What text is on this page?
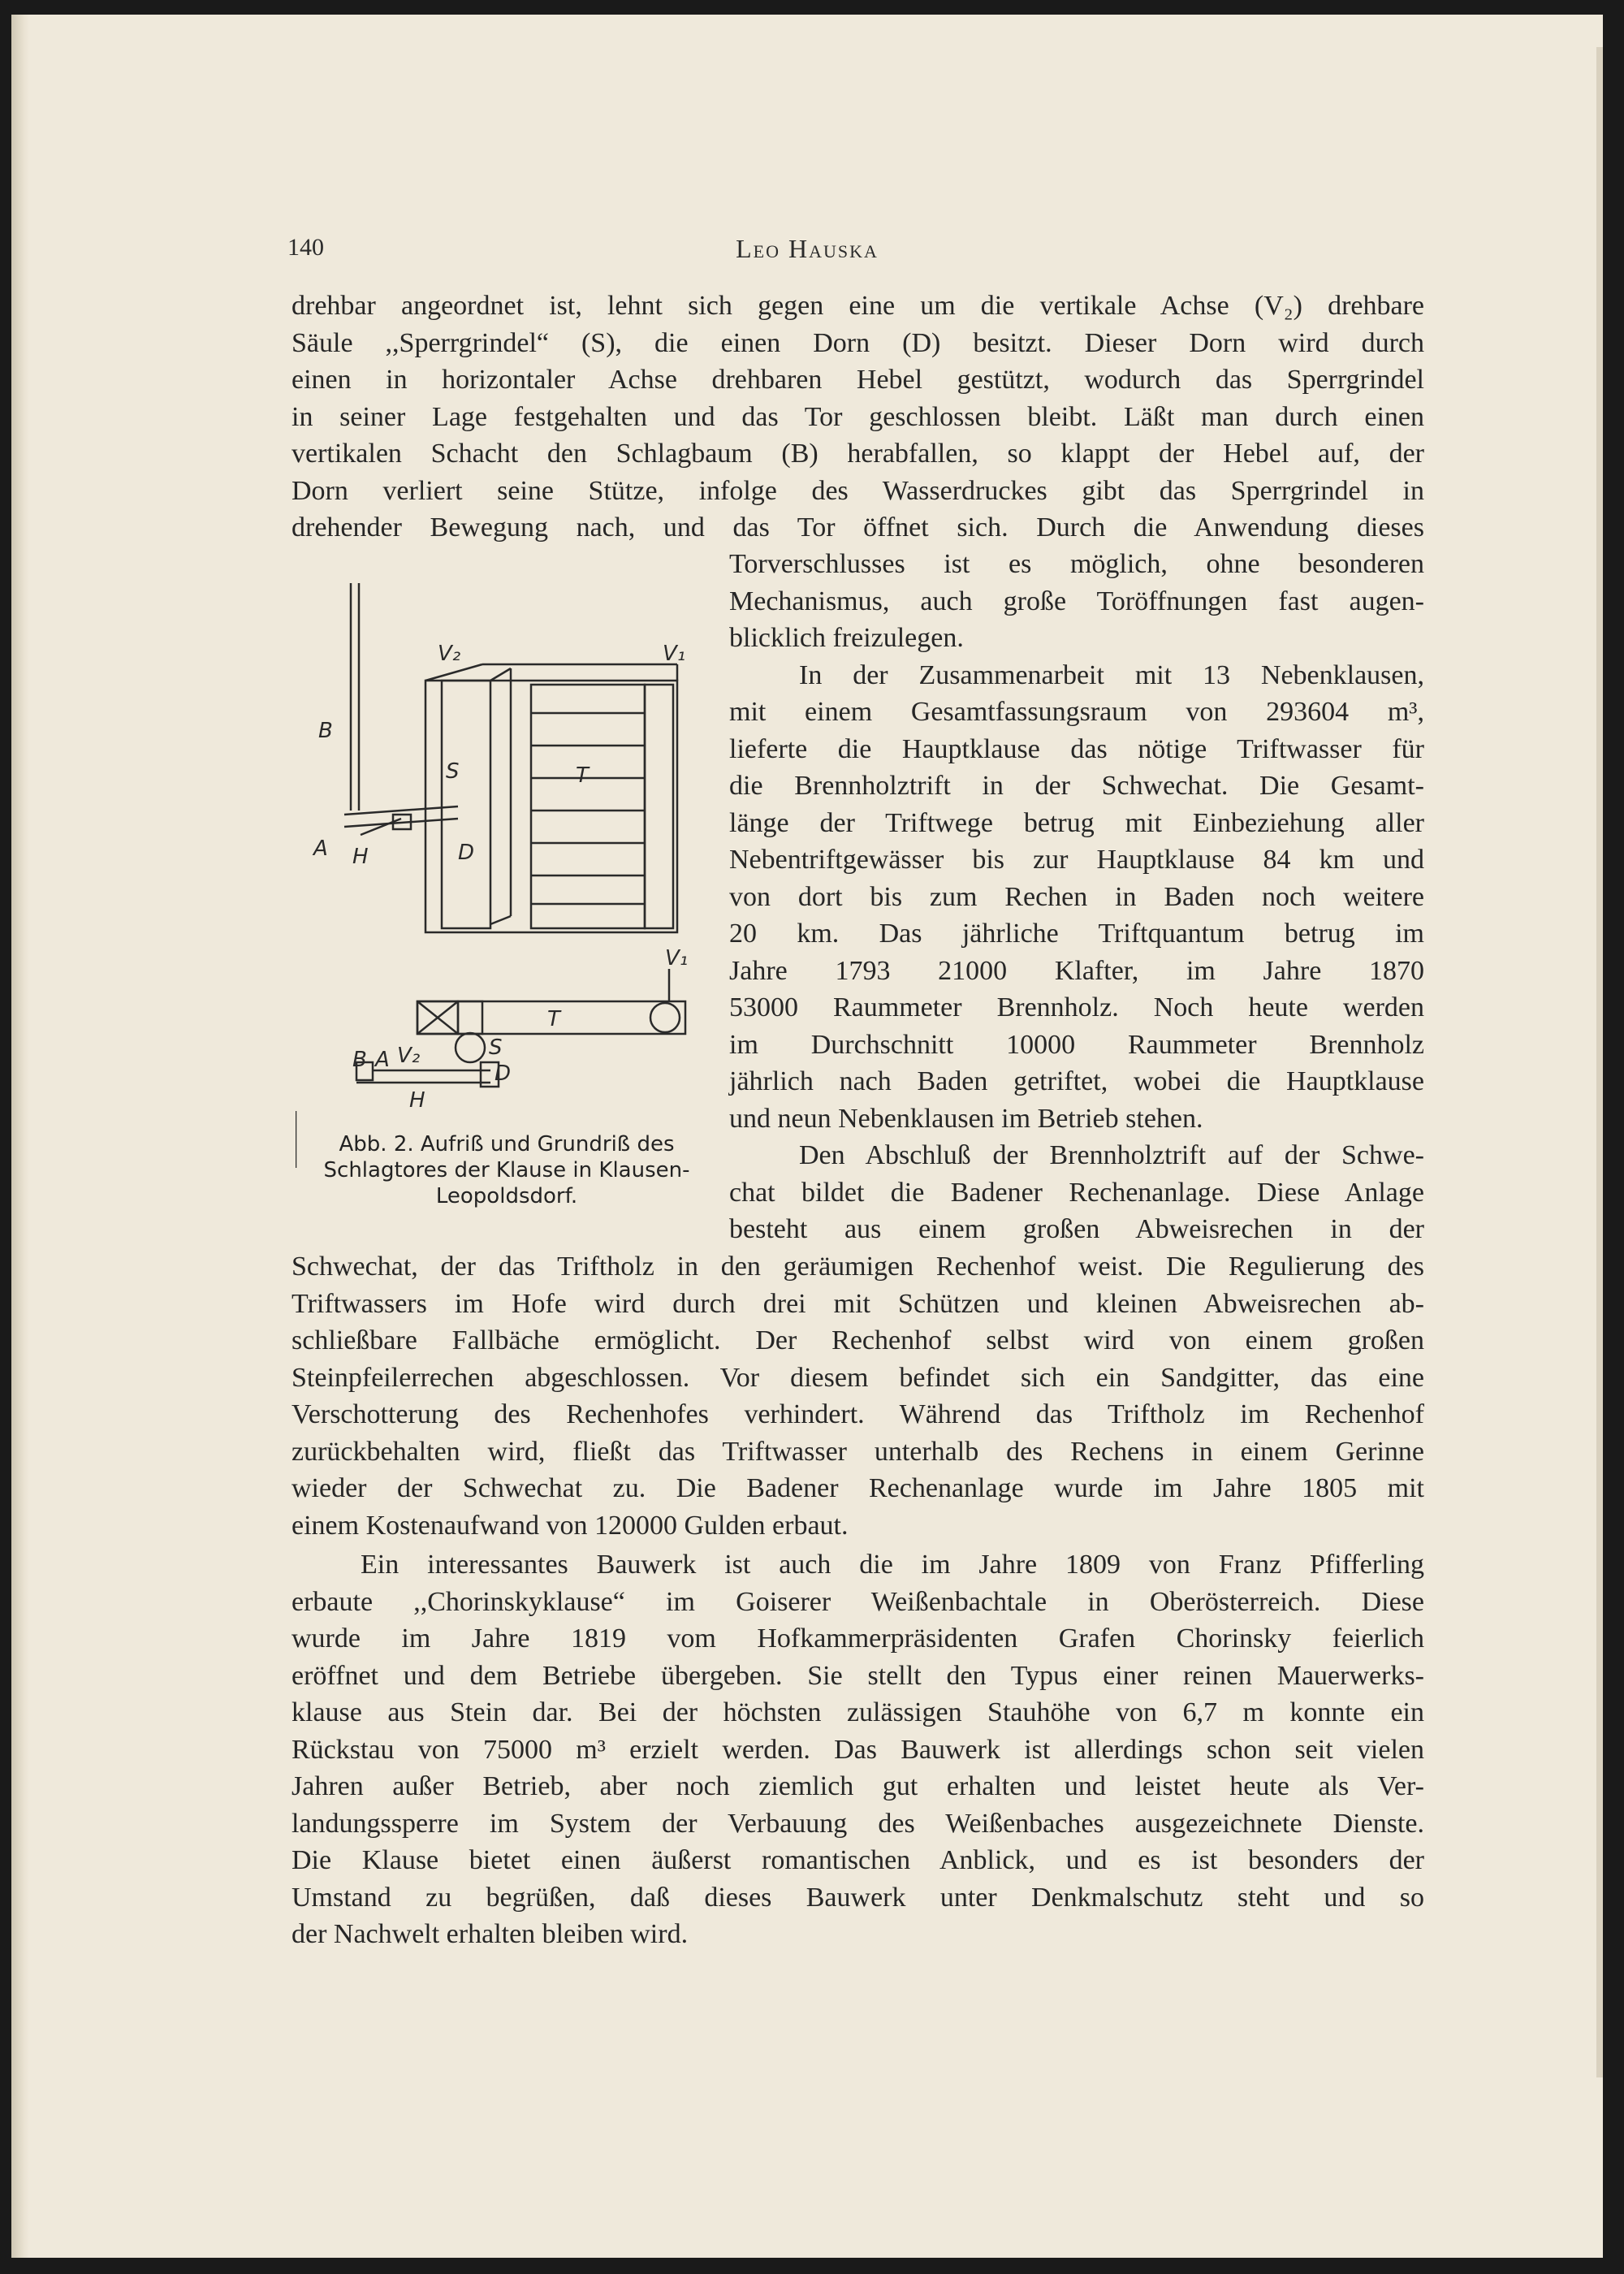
140	Leo Hauska
drehbar angeordnet ist, lehnt sich gegen eine um die vertikale Achse (V₂) drehbare
Säule ,,Sperrgrindel“ (S), die einen Dorn (D) besitzt. Dieser Dorn wird durch
einen in horizontaler Achse drehbaren Hebel gestützt, wodurch das Sperrgrindel
in seiner Lage festgehalten und das Tor geschlossen bleibt. Läßt man durch einen
vertikalen Schacht den Schlagbaum (B) herabfallen, so klappt der Hebel auf, der
Dorn verliert seine Stütze, infolge des Wasserdruckes gibt das Sperrgrindel in
drehender Bewegung nach, und das Tor öffnet sich. Durch die Anwendung dieses
Torverschlusses ist es möglich, ohne besonderen
Mechanismus, auch große Toröffnungen fast augen-
blicklich freizulegen.
In der Zusammenarbeit mit 13 Nebenklausen,
mit einem Gesamtfassungsraum von 293604 m³,
lieferte die Hauptklause das nötige Triftwasser für
die Brennholztrift in der Schwechat. Die Gesamt-
länge der Triftwege betrug mit Einbeziehung aller
Nebentriftgewässer bis zur Hauptklause 84 km und
von dort bis zum Rechen in Baden noch weitere
20 km. Das jährliche Triftquantum betrug im
Jahre 1793 21000 Klafter, im Jahre 1870
53000 Raummeter Brennholz. Noch heute werden
im Durchschnitt 10000 Raummeter Brennholz
jährlich nach Baden getriftet, wobei die Hauptklause
und neun Nebenklausen im Betrieb stehen.
Den Abschluß der Brennholztrift auf der Schwe-
chat bildet die Badener Rechenanlage. Diese Anlage
besteht aus einem großen Abweisrechen in der
Schwechat, der das Triftholz in den geräumigen Rechenhof weist. Die Regulierung des
Triftwassers im Hofe wird durch drei mit Schützen und kleinen Abweisrechen ab-
schließbare Fallbäche ermöglicht. Der Rechenhof selbst wird von einem großen
Steinpfeilerrechen abgeschlossen. Vor diesem befindet sich ein Sandgitter, das eine
Verschotterung des Rechenhofes verhindert. Während das Triftholz im Rechenhof
zurückbehalten wird, fließt das Triftwasser unterhalb des Rechens in einem Gerinne
wieder der Schwechat zu. Die Badener Rechenanlage wurde im Jahre 1805 mit
einem Kostenaufwand von 120000 Gulden erbaut.
Ein interessantes Bauwerk ist auch die im Jahre 1809 von Franz Pfifferling
erbaute ,,Chorinskyklause“ im Goiserer Weißenbachtale in Oberösterreich. Diese
wurde im Jahre 1819 vom Hofkammerpräsidenten Grafen Chorinsky feierlich
eröffnet und dem Betriebe übergeben. Sie stellt den Typus einer reinen Mauerwerks-
klause aus Stein dar. Bei der höchsten zulässigen Stauhöhe von 6,7 m konnte ein
Rückstau von 75000 m³ erzielt werden. Das Bauwerk ist allerdings schon seit vielen
Jahren außer Betrieb, aber noch ziemlich gut erhalten und leistet heute als Ver-
landungssperre im System der Verbauung des Weißenbaches ausgezeichnete Dienste.
Die Klause bietet einen äußerst romantischen Anblick, und es ist besonders der
Umstand zu begrüßen, daß dieses Bauwerk unter Denkmalschutz steht und so
der Nachwelt erhalten bleiben wird.
V₂	V₁
B
S	T
A H	D
V₁
T
B A V₂	S
D
H
Abb. 2. Aufriß und Grundriß des
Schlagtores der Klause in Klausen-
Leopoldsdorf.
